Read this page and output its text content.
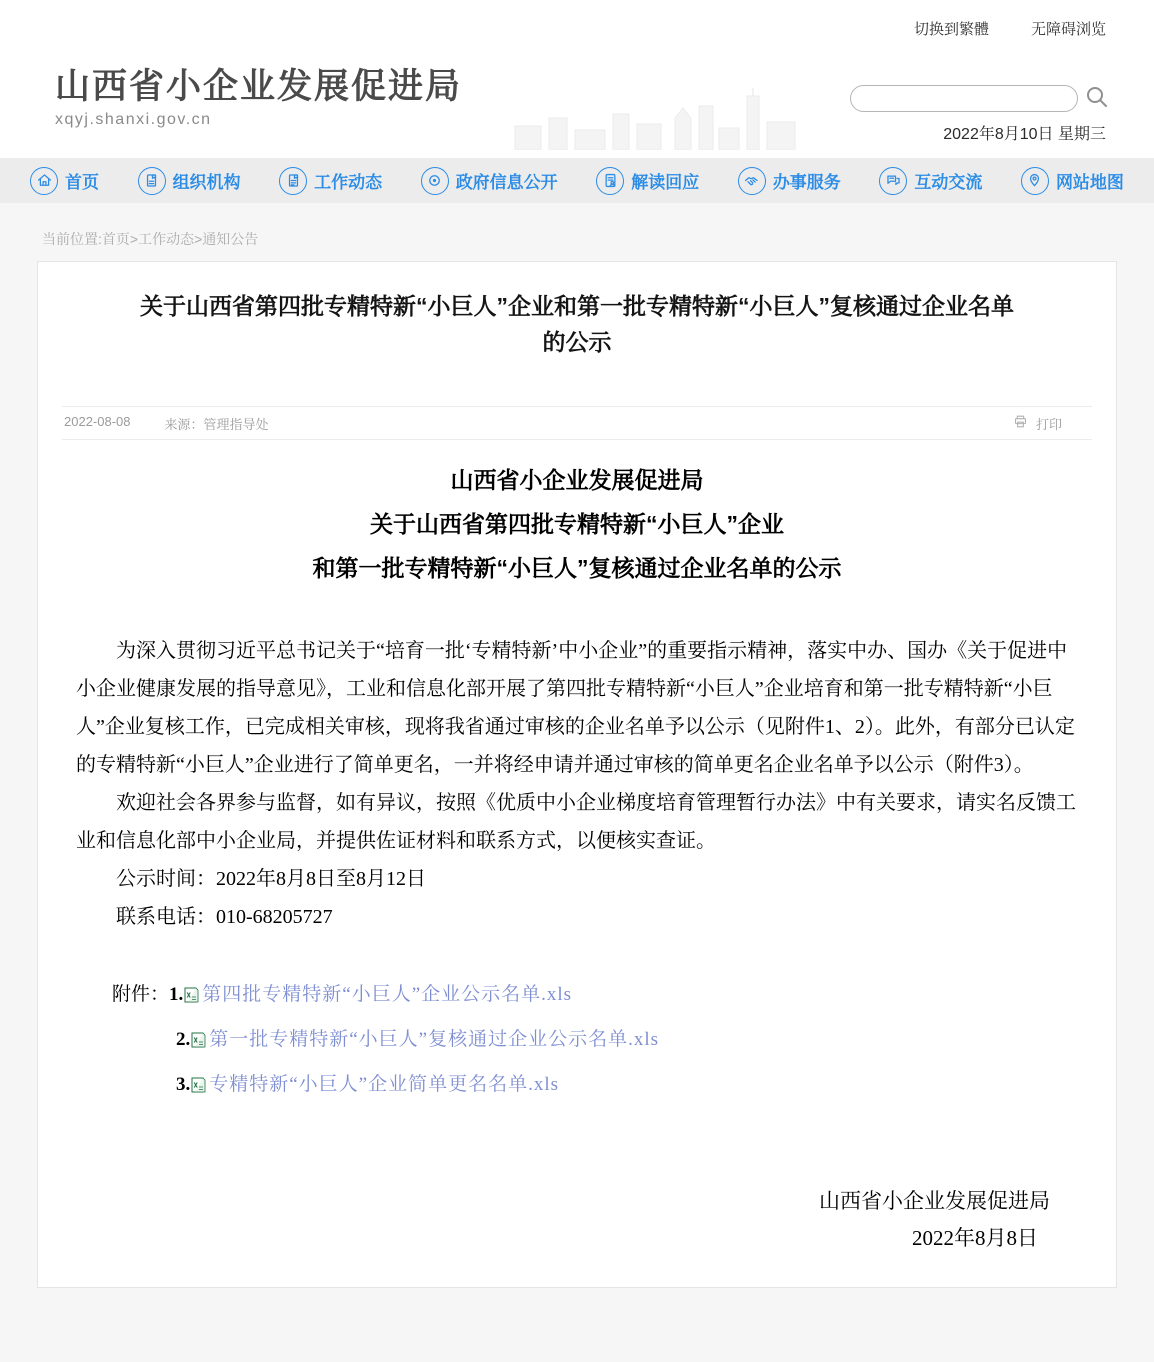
切换到繁體	无障碍浏览
山西省小企业发展促进局
xqyj.shanxi.gov.cn
2022年8月10日 星期三
首页	组织机构	工作动态	政府信息公开	解读回应	办事服务	互动交流	网站地图
当前位置:首页>工作动态>通知公告
关于山西省第四批专精特新“小巨人”企业和第一批专精特新“小巨人”复核通过企业名单的公示
2022-08-08	来源：管理指导处	打印
山西省小企业发展促进局
关于山西省第四批专精特新“小巨人”企业
和第一批专精特新“小巨人”复核通过企业名单的公示

为深入贯彻习近平总书记关于“培育一批‘专精特新’中小企业”的重要指示精神，落实中办、国办《关于促进中小企业健康发展的指导意见》，工业和信息化部开展了第四批专精特新“小巨人”企业培育和第一批专精特新“小巨人”企业复核工作，已完成相关审核，现将我省通过审核的企业名单予以公示（见附件1、2）。此外，有部分已认定的专精特新“小巨人”企业进行了简单更名，一并将经申请并通过审核的简单更名企业名单予以公示（附件3）。

欢迎社会各界参与监督，如有异议，按照《优质中小企业梯度培育管理暂行办法》中有关要求，请实名反馈工业和信息化部中小企业局，并提供佐证材料和联系方式，以便核实查证。

公示时间：2022年8月8日至8月12日
联系电话：010-68205727
附件： 1. 第四批专精特新“小巨人”企业公示名单.xls
2. 第一批专精特新“小巨人”复核通过企业公示名单.xls
3. 专精特新“小巨人”企业简单更名名单.xls
山西省小企业发展促进局
2022年8月8日
